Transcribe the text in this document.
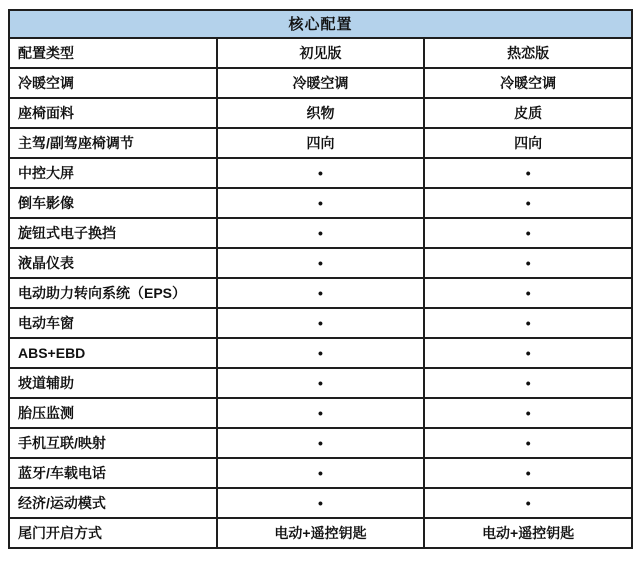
核心配置		
配置类型	初见版	热恋版
冷暖空调	冷暖空调	冷暖空调
座椅面料	织物	皮质
主驾/副驾座椅调节	四向	四向
中控大屏	•	•
倒车影像	•	•
旋钮式电子换挡	•	•
液晶仪表	•	•
电动助力转向系统（EPS）	•	•
电动车窗	•	•
ABS+EBD	•	•
坡道辅助	•	•
胎压监测	•	•
手机互联/映射	•	•
蓝牙/车载电话	•	•
经济/运动模式	•	•
尾门开启方式	电动+遥控钥匙	电动+遥控钥匙
